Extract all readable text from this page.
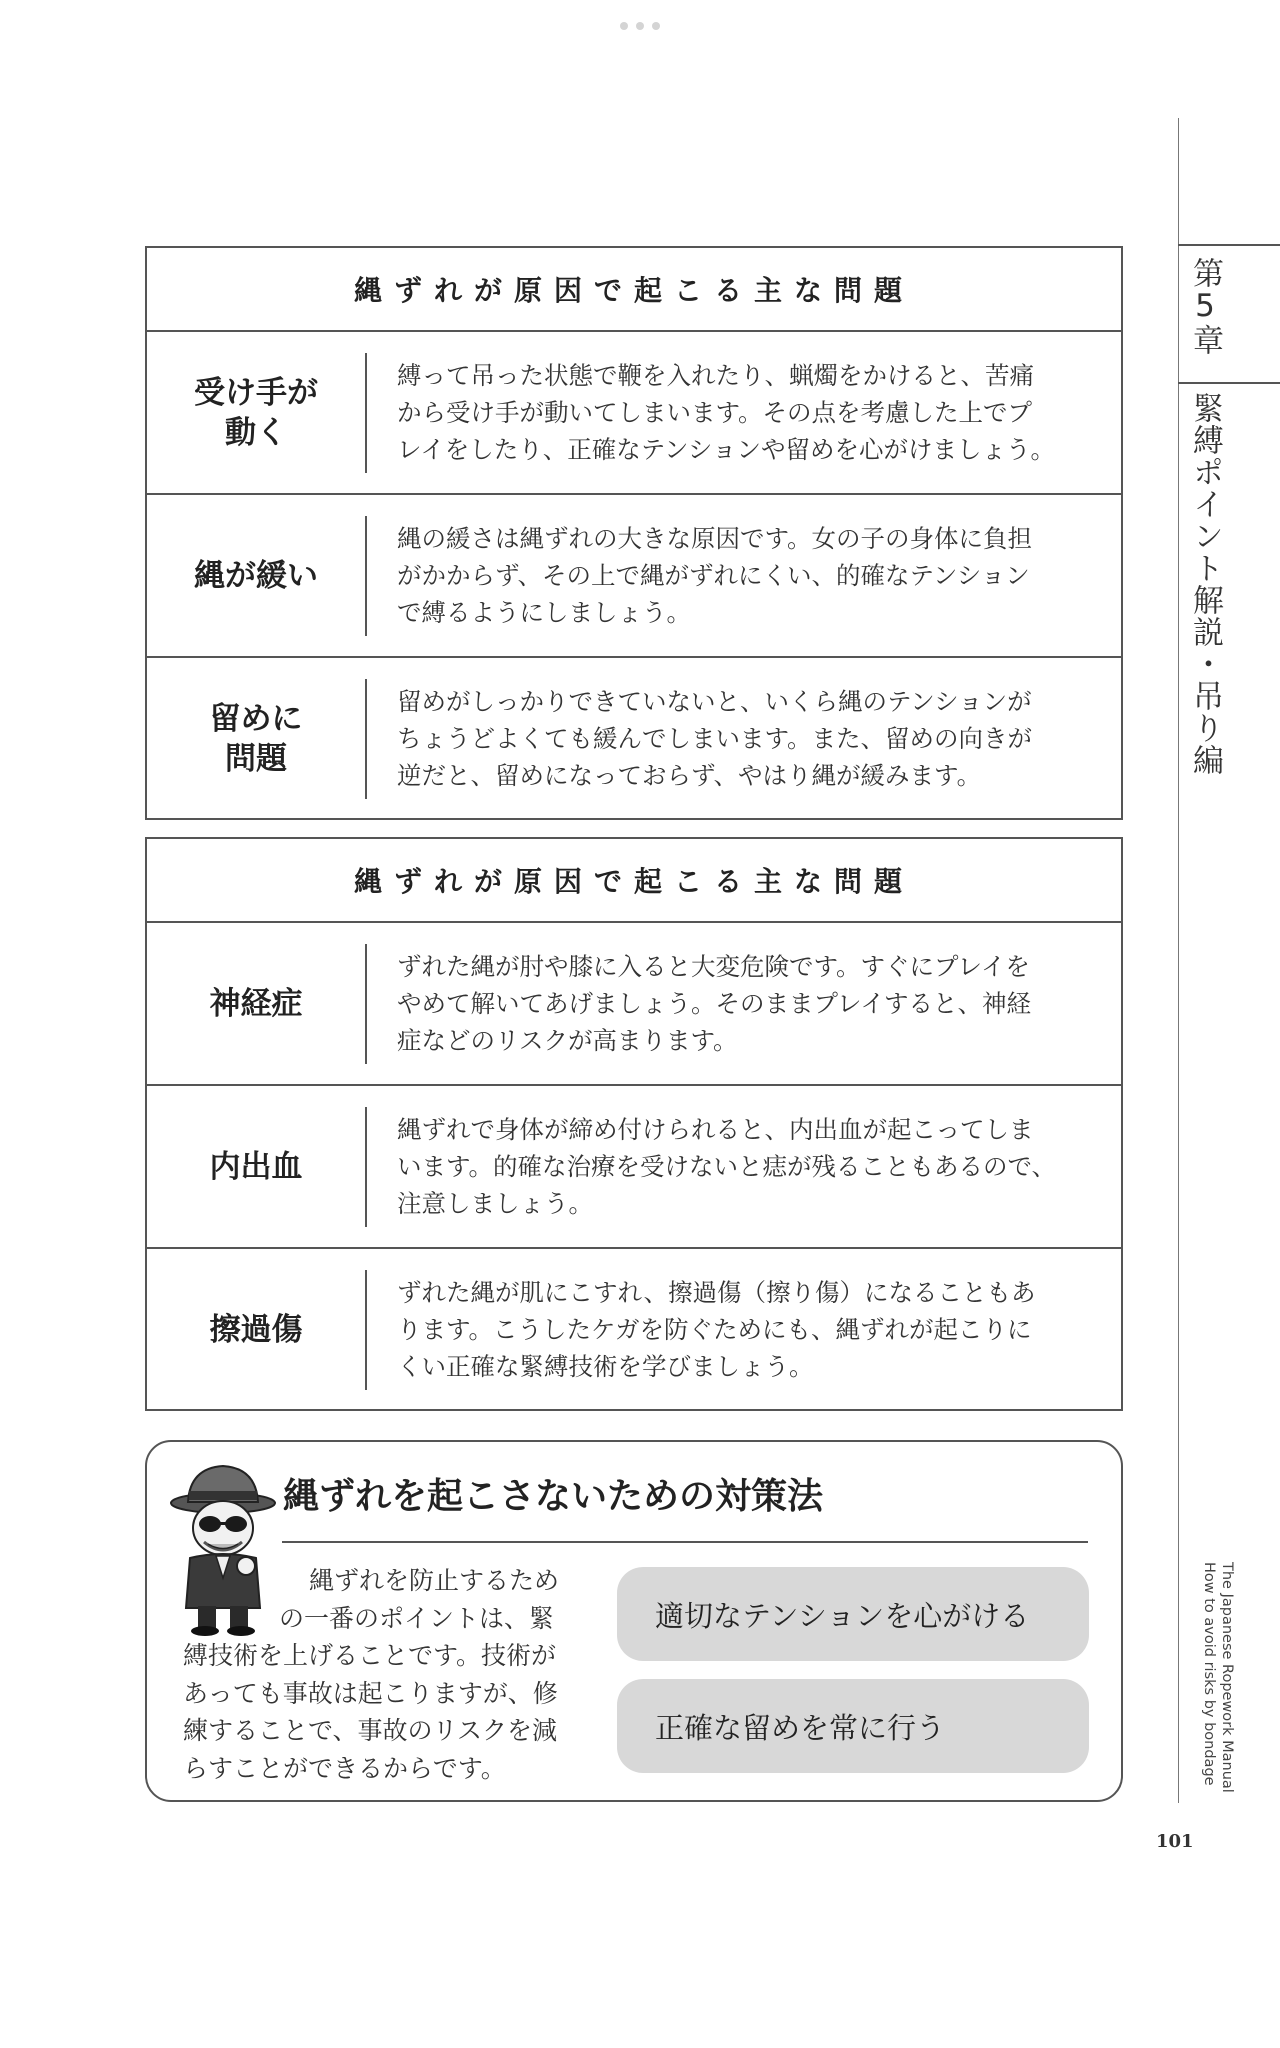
縄ずれが原因で起こる主な問題
受け手が
動く
縛って吊った状態で鞭を入れたり、蝋燭をかけると、苦痛
から受け手が動いてしまいます。その点を考慮した上でプ
レイをしたり、正確なテンションや留めを心がけましょう。
縄が緩い
縄の緩さは縄ずれの大きな原因です。女の子の身体に負担
がかからず、その上で縄がずれにくい、的確なテンション
で縛るようにしましょう。
留めに
問題
留めがしっかりできていないと、いくら縄のテンションが
ちょうどよくても緩んでしまいます。また、留めの向きが
逆だと、留めになっておらず、やはり縄が緩みます。
縄ずれが原因で起こる主な問題
神経症
ずれた縄が肘や膝に入ると大変危険です。すぐにプレイを
やめて解いてあげましょう。そのままプレイすると、神経
症などのリスクが高まります。
内出血
縄ずれで身体が締め付けられると、内出血が起こってしま
います。的確な治療を受けないと痣が残ることもあるので、
注意しましょう。
擦過傷
ずれた縄が肌にこすれ、擦過傷（擦り傷）になることもあ
ります。こうしたケガを防ぐためにも、縄ずれが起こりに
くい正確な緊縛技術を学びましょう。
縄ずれを起こさないための対策法
縄ずれを防止するため
の一番のポイントは、緊
縛技術を上げることです。技術が
あっても事故は起こりますが、修
練することで、事故のリスクを減
らすことができるからです。
適切なテンションを心がける
正確な留めを常に行う
第5章
緊縛ポイント解説・吊り編
The Japanese Ropework Manual
How to avoid risks by bondage
101
